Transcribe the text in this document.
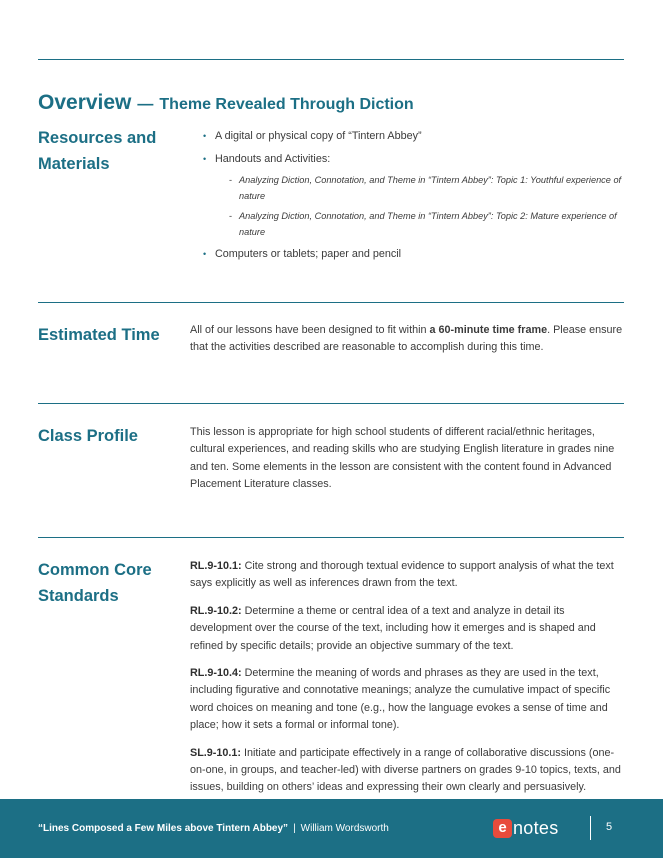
Overview — Theme Revealed Through Diction
Resources and
Materials
• A digital or physical copy of “Tintern Abbey”
• Handouts and Activities:
- Analyzing Diction, Connotation, and Theme in “Tintern Abbey”: Topic 1: Youthful experience of nature
- Analyzing Diction, Connotation, and Theme in “Tintern Abbey”: Topic 2: Mature experience of nature
• Computers or tablets; paper and pencil
Estimated Time	All of our lessons have been designed to fit within a 60-minute time frame. Please ensure that the activities described are reasonable to accomplish during this time.

Class Profile	This lesson is appropriate for high school students of different racial/ethnic heritages, cultural experiences, and reading skills who are studying English literature in grades nine and ten. Some elements in the lesson are consistent with the content found in Advanced Placement Literature classes.

Common Core
Standards

RL.9-10.1: Cite strong and thorough textual evidence to support analysis of what the text says explicitly as well as inferences drawn from the text.

RL.9-10.2: Determine a theme or central idea of a text and analyze in detail its development over the course of the text, including how it emerges and is shaped and refined by specific details; provide an objective summary of the text.

RL.9-10.4: Determine the meaning of words and phrases as they are used in the text, including figurative and connotative meanings; analyze the cumulative impact of specific word choices on meaning and tone (e.g., how the language evokes a sense of time and place; how it sets a formal or informal tone).

SL.9-10.1: Initiate and participate effectively in a range of collaborative discussions (one-on-one, in groups, and teacher-led) with diverse partners on grades 9-10 topics, texts, and issues, building on others’ ideas and expressing their own clearly and persuasively.

“Lines Composed a Few Miles above Tintern Abbey” | William Wordsworth	e notes	5
